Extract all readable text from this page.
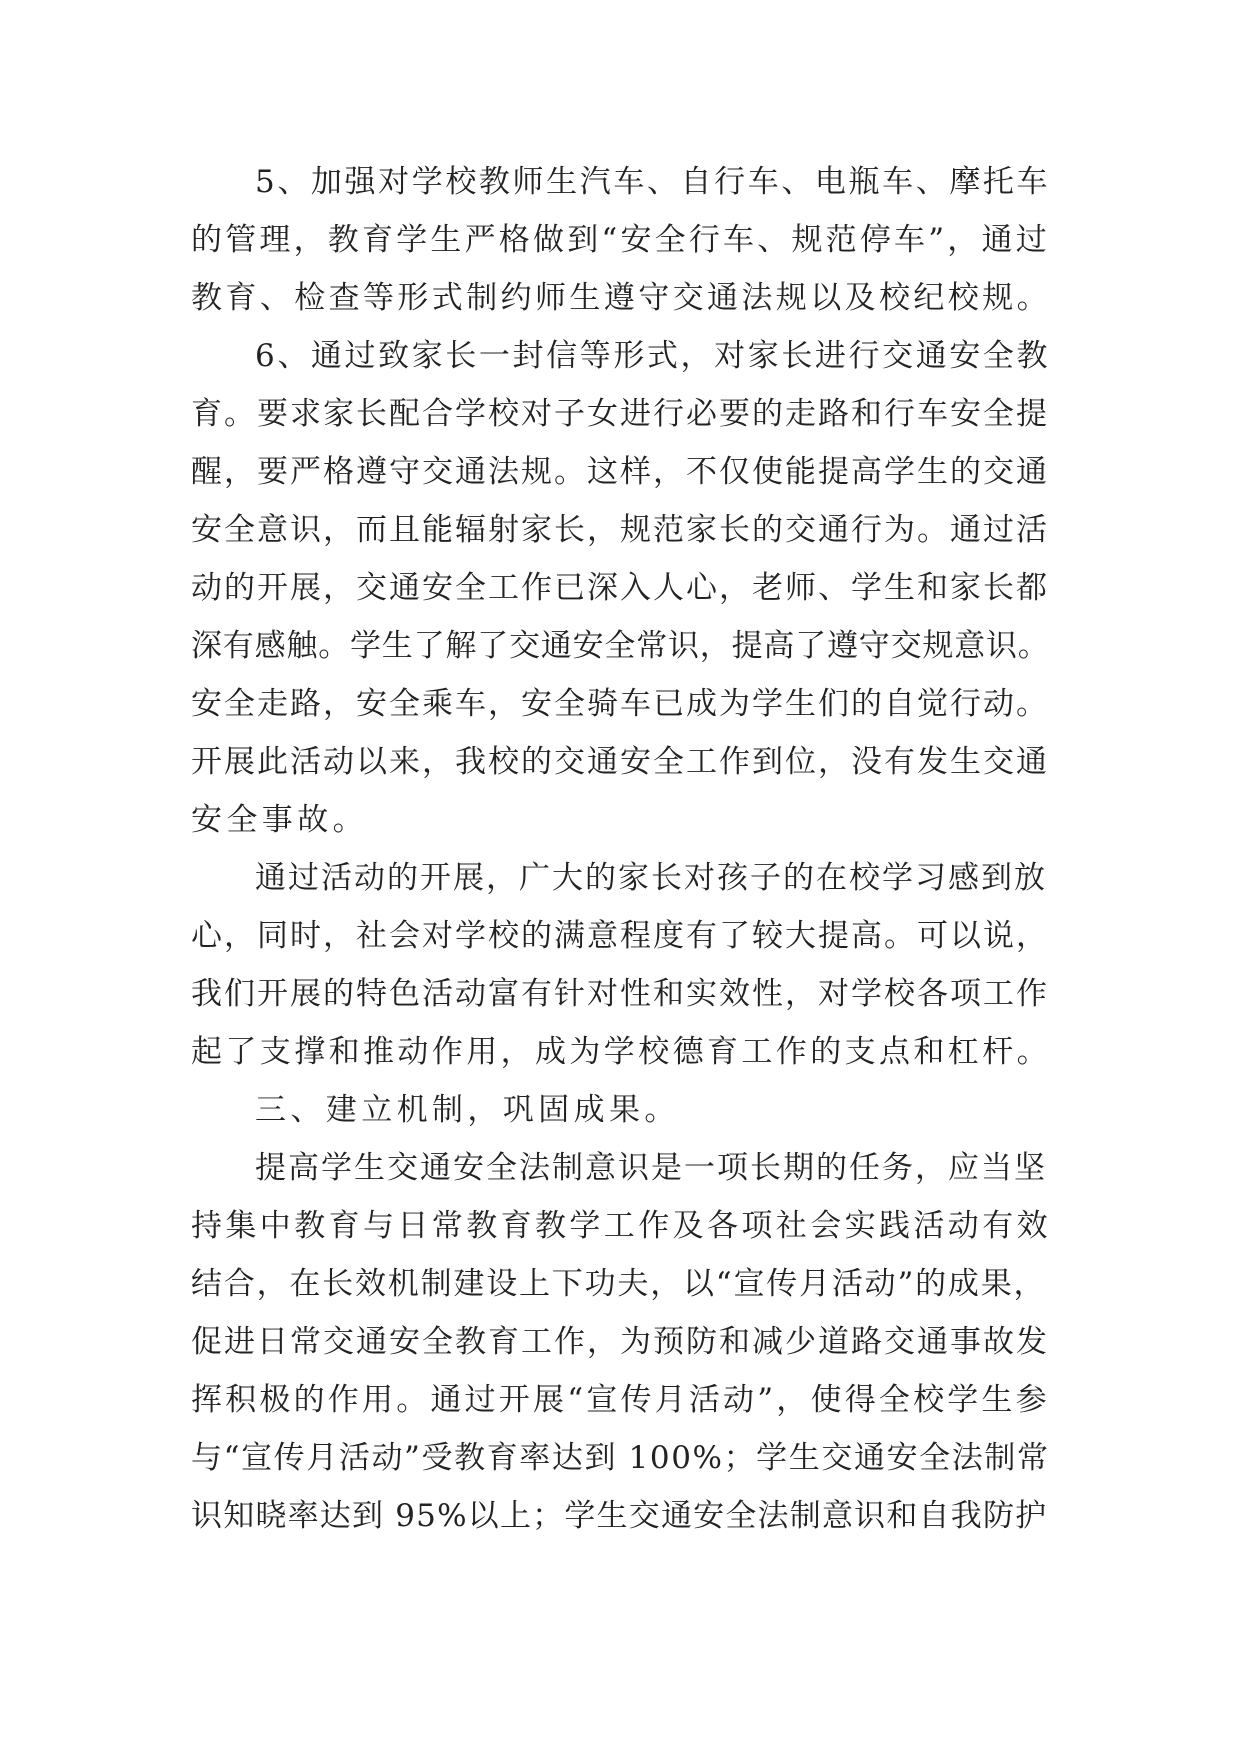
5、加强对学校教师生汽车、自行车、电瓶车、摩托车
的管理，教育学生严格做到“安全行车、规范停车”，通过
教育、检查等形式制约师生遵守交通法规以及校纪校规。
6、通过致家长一封信等形式，对家长进行交通安全教
育。要求家长配合学校对子女进行必要的走路和行车安全提
醒，要严格遵守交通法规。这样，不仅使能提高学生的交通
安全意识，而且能辐射家长，规范家长的交通行为。通过活
动的开展，交通安全工作已深入人心，老师、学生和家长都
深有感触。学生了解了交通安全常识，提高了遵守交规意识。
安全走路，安全乘车，安全骑车已成为学生们的自觉行动。
开展此活动以来，我校的交通安全工作到位，没有发生交通
安全事故。
通过活动的开展，广大的家长对孩子的在校学习感到放
心，同时，社会对学校的满意程度有了较大提高。可以说，
我们开展的特色活动富有针对性和实效性，对学校各项工作
起了支撑和推动作用，成为学校德育工作的支点和杠杆。
三、建立机制，巩固成果。
提高学生交通安全法制意识是一项长期的任务，应当坚
持集中教育与日常教育教学工作及各项社会实践活动有效
结合，在长效机制建设上下功夫，以“宣传月活动”的成果，
促进日常交通安全教育工作，为预防和减少道路交通事故发
挥积极的作用。通过开展“宣传月活动”，使得全校学生参
与“宣传月活动”受教育率达到 100%；学生交通安全法制常
识知晓率达到 95%以上；学生交通安全法制意识和自我防护
